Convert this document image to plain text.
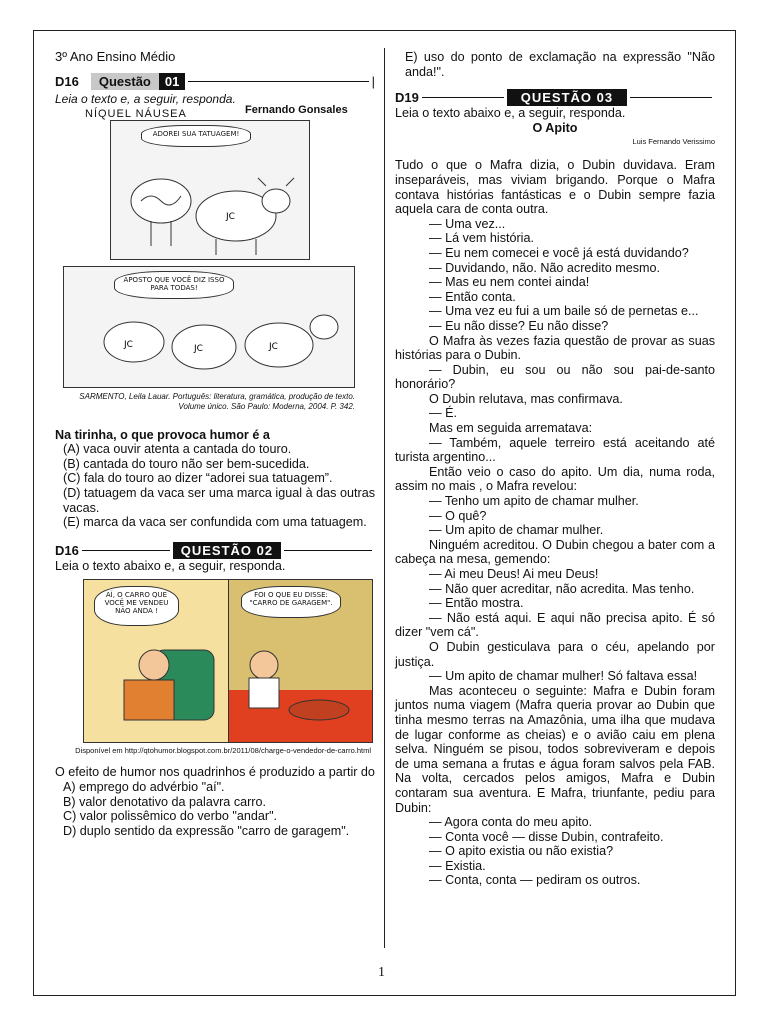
3º Ano Ensino Médio
D16	Questão	01	|
Leia o texto e, a seguir, responda.
NÍQUEL NÁUSEA	Fernando Gonsales
ADOREI SUA TATUAGEM!
JC
APOSTO QUE VOCÊ DIZ ISSO PARA TODAS!
JC	JC
JC
SARMENTO, Leila Lauar. Português: literatura, gramática, produção de texto. Volume único. São Paulo: Moderna, 2004. P. 342.
Na tirinha, o que provoca humor é a
(A) vaca ouvir atenta a cantada do touro.
(B) cantada do touro não ser bem-sucedida.
(C) fala do touro ao dizer “adorei sua tatuagem”.
(D) tatuagem da vaca ser uma marca igual à das outras vacas.
(E) marca da vaca ser confundida com uma tatuagem.
D16	QUESTÃO 02
Leia o texto abaixo e, a seguir, responda.
AÍ, O CARRO QUE VOCÊ ME VENDEU NÃO ANDA !
FOI O QUE EU DISSE: "CARRO DE GARAGEM".
Disponível em http://qtohumor.blogspot.com.br/2011/08/charge-o-vendedor-de-carro.html
O efeito de humor nos quadrinhos é produzido a partir do
A) emprego do advérbio "aí".
B) valor denotativo da palavra carro.
C) valor polissêmico do verbo "andar".
D) duplo sentido da expressão "carro de garagem".
E) uso do ponto de exclamação na expressão "Não anda!".
D19	QUESTÃO 03
Leia o texto abaixo e, a seguir, responda.
O Apito
Luis Fernando Verissimo
Tudo o que o Mafra dizia, o Dubin duvidava. Eram inseparáveis, mas viviam brigando. Porque o Mafra contava histórias fantásticas e o Dubin sempre fazia aquela cara de conta outra.
— Uma vez...
— Lá vem história.
— Eu nem comecei e você já está duvidando?
— Duvidando, não. Não acredito mesmo.
— Mas eu nem contei ainda!
— Então conta.
— Uma vez eu fui a um baile só de pernetas e...
— Eu não disse? Eu não disse?
O Mafra às vezes fazia questão de provar as suas histórias para o Dubin.
— Dubin, eu sou ou não sou pai-de-santo honorário?
O Dubin relutava, mas confirmava.
— É.
Mas em seguida arrematava:
— Também, aquele terreiro está aceitando até turista argentino...
Então veio o caso do apito. Um dia, numa roda, assim no mais , o Mafra revelou:
— Tenho um apito de chamar mulher.
— O quê?
— Um apito de chamar mulher.
Ninguém acreditou. O Dubin chegou a bater com a cabeça na mesa, gemendo:
— Ai meu Deus! Ai meu Deus!
— Não quer acreditar, não acredita. Mas tenho.
— Então mostra.
— Não está aqui. E aqui não precisa apito. É só dizer "vem cá".
O Dubin gesticulava para o céu, apelando por justiça.
— Um apito de chamar mulher! Só faltava essa!
Mas aconteceu o seguinte: Mafra e Dubin foram juntos numa viagem (Mafra queria provar ao Dubin que tinha mesmo terras na Amazônia, uma ilha que mudava de lugar conforme as cheias) e o avião caiu em plena selva. Ninguém se pisou, todos sobreviveram e depois de uma semana a frutas e água foram salvos pela FAB. Na volta, cercados pelos amigos, Mafra e Dubin contaram sua aventura. E Mafra, triunfante, pediu para Dubin:
— Agora conta do meu apito.
— Conta você — disse Dubin, contrafeito.
— O apito existia ou não existia?
— Existia.
— Conta, conta — pediram os outros.
1
